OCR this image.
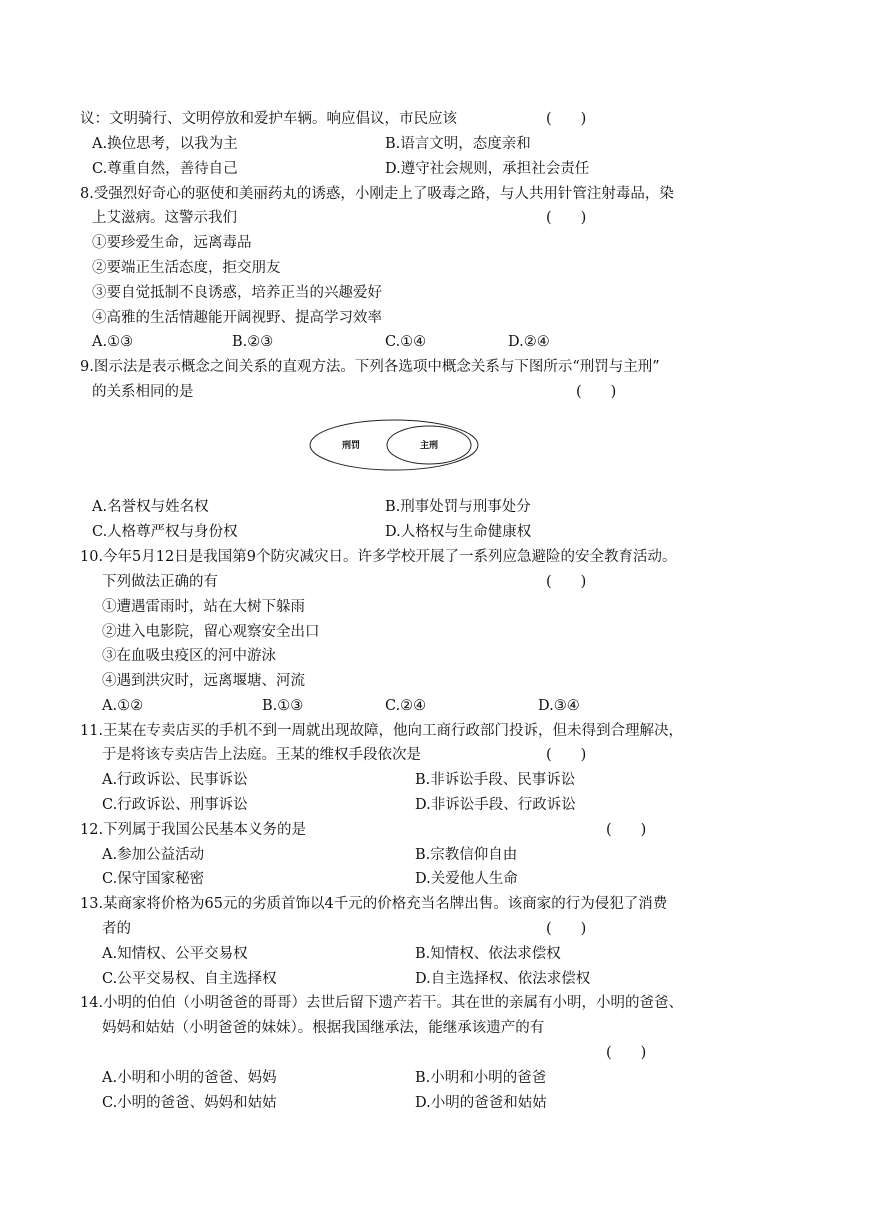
议：文明骑行、文明停放和爱护车辆。响应倡议，市民应该	(　　)
A.换位思考，以我为主	B.语言文明，态度亲和
C.尊重自然，善待自己	D.遵守社会规则，承担社会责任
8.受强烈好奇心的驱使和美丽药丸的诱惑，小刚走上了吸毒之路，与人共用针管注射毒品，染
上艾滋病。这警示我们	(　　)
①要珍爱生命，远离毒品
②要端正生活态度，拒交朋友
③要自觉抵制不良诱惑，培养正当的兴趣爱好
④高雅的生活情趣能开阔视野、提高学习效率
A.①③	B.②③	C.①④	D.②④
9.图示法是表示概念之间关系的直观方法。下列各选项中概念关系与下图所示“刑罚与主刑”
的关系相同的是	(　　)
刑罚	主刑
A.名誉权与姓名权	B.刑事处罚与刑事处分
C.人格尊严权与身份权	D.人格权与生命健康权
10.今年5月12日是我国第9个防灾减灾日。许多学校开展了一系列应急避险的安全教育活动。
下列做法正确的有	(　　)
①遭遇雷雨时，站在大树下躲雨
②进入电影院，留心观察安全出口
③在血吸虫疫区的河中游泳
④遇到洪灾时，远离堰塘、河流
A.①②	B.①③	C.②④	D.③④
11.王某在专卖店买的手机不到一周就出现故障，他向工商行政部门投诉，但未得到合理解决，
于是将该专卖店告上法庭。王某的维权手段依次是	(　　)
A.行政诉讼、民事诉讼	B.非诉讼手段、民事诉讼
C.行政诉讼、刑事诉讼	D.非诉讼手段、行政诉讼
12.下列属于我国公民基本义务的是	(　　)
A.参加公益活动	B.宗教信仰自由
C.保守国家秘密	D.关爱他人生命
13.某商家将价格为65元的劣质首饰以4千元的价格充当名牌出售。该商家的行为侵犯了消费
者的	(　　)
A.知情权、公平交易权	B.知情权、依法求偿权
C.公平交易权、自主选择权	D.自主选择权、依法求偿权
14.小明的伯伯（小明爸爸的哥哥）去世后留下遗产若干。其在世的亲属有小明，小明的爸爸、
妈妈和姑姑（小明爸爸的妹妹）。根据我国继承法，能继承该遗产的有
(　　)
A.小明和小明的爸爸、妈妈	B.小明和小明的爸爸
C.小明的爸爸、妈妈和姑姑	D.小明的爸爸和姑姑
